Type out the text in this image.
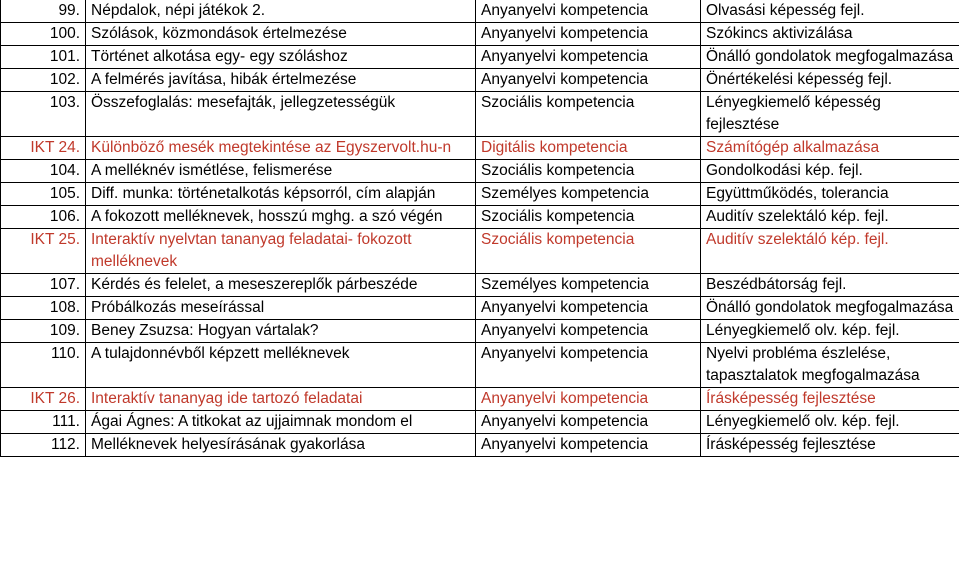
99.	Népdalok, népi játékok 2.	Anyanyelvi kompetencia	Olvasási képesség fejl.
100.	Szólások, közmondások értelmezése	Anyanyelvi kompetencia	Szókincs aktivizálása
101.	Történet alkotása egy- egy szóláshoz	Anyanyelvi kompetencia	Önálló gondolatok megfogalmazása
102.	A felmérés javítása, hibák értelmezése	Anyanyelvi kompetencia	Önértékelési képesség fejl.
103.	Összefoglalás: mesefajták, jellegzetességük	Szociális kompetencia	Lényegkiemelő képesség fejlesztése
IKT 24.	Különböző mesék megtekintése az Egyszervolt.hu-n	Digitális kompetencia	Számítógép alkalmazása
104.	A melléknév ismétlése, felismerése	Szociális kompetencia	Gondolkodási kép. fejl.
105.	Diff. munka: történetalkotás képsorról, cím alapján	Személyes kompetencia	Együttműködés, tolerancia
106.	A fokozott melléknevek, hosszú mghg. a szó végén	Szociális kompetencia	Auditív szelektáló kép. fejl.
IKT 25.	Interaktív nyelvtan tananyag feladatai- fokozott melléknevek	Szociális kompetencia	Auditív szelektáló kép. fejl.
107.	Kérdés és felelet, a meseszereplők párbeszéde	Személyes kompetencia	Beszédbátorság fejl.
108.	Próbálkozás meseírással	Anyanyelvi kompetencia	Önálló gondolatok megfogalmazása
109.	Beney Zsuzsa: Hogyan vártalak?	Anyanyelvi kompetencia	Lényegkiemelő olv. kép. fejl.
110.	A tulajdonnévből képzett melléknevek	Anyanyelvi kompetencia	Nyelvi probléma észlelése, tapasztalatok megfogalmazása
IKT 26.	Interaktív tananyag ide tartozó feladatai	Anyanyelvi kompetencia	Írásképesség fejlesztése
111.	Ágai Ágnes: A titkokat az ujjaimnak mondom el	Anyanyelvi kompetencia	Lényegkiemelő olv. kép. fejl.
112.	Melléknevek helyesírásának gyakorlása	Anyanyelvi kompetencia	Írásképesség fejlesztése
